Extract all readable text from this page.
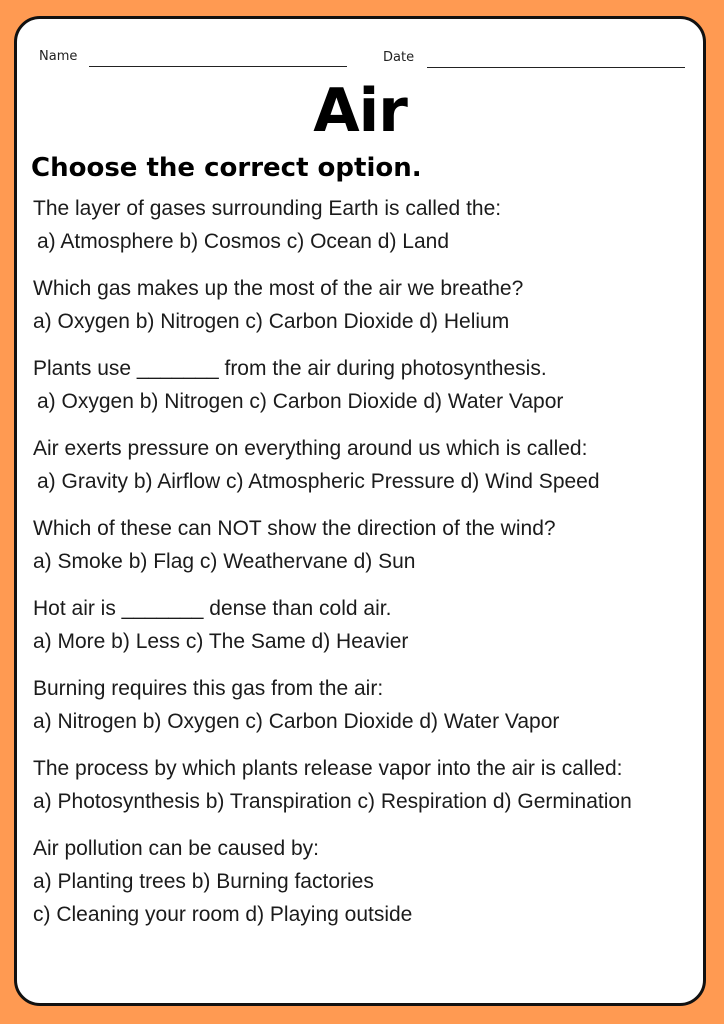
Name	Date
Air
Choose the correct option.
The layer of gases surrounding Earth is called the:
a) Atmosphere b) Cosmos c) Ocean d) Land
Which gas makes up the most of the air we breathe?
a) Oxygen b) Nitrogen c) Carbon Dioxide d) Helium
Plants use _______ from the air during photosynthesis.
a) Oxygen b) Nitrogen c) Carbon Dioxide d) Water Vapor
Air exerts pressure on everything around us which is called:
a) Gravity b) Airflow c) Atmospheric Pressure d) Wind Speed
Which of these can NOT show the direction of the wind?
a) Smoke b) Flag c) Weathervane d) Sun
Hot air is _______ dense than cold air.
a) More b) Less c) The Same d) Heavier
Burning requires this gas from the air:
a) Nitrogen b) Oxygen c) Carbon Dioxide d) Water Vapor
The process by which plants release vapor into the air is called:
a) Photosynthesis b) Transpiration c) Respiration d) Germination
Air pollution can be caused by:
a) Planting trees b) Burning factories
c) Cleaning your room d) Playing outside
